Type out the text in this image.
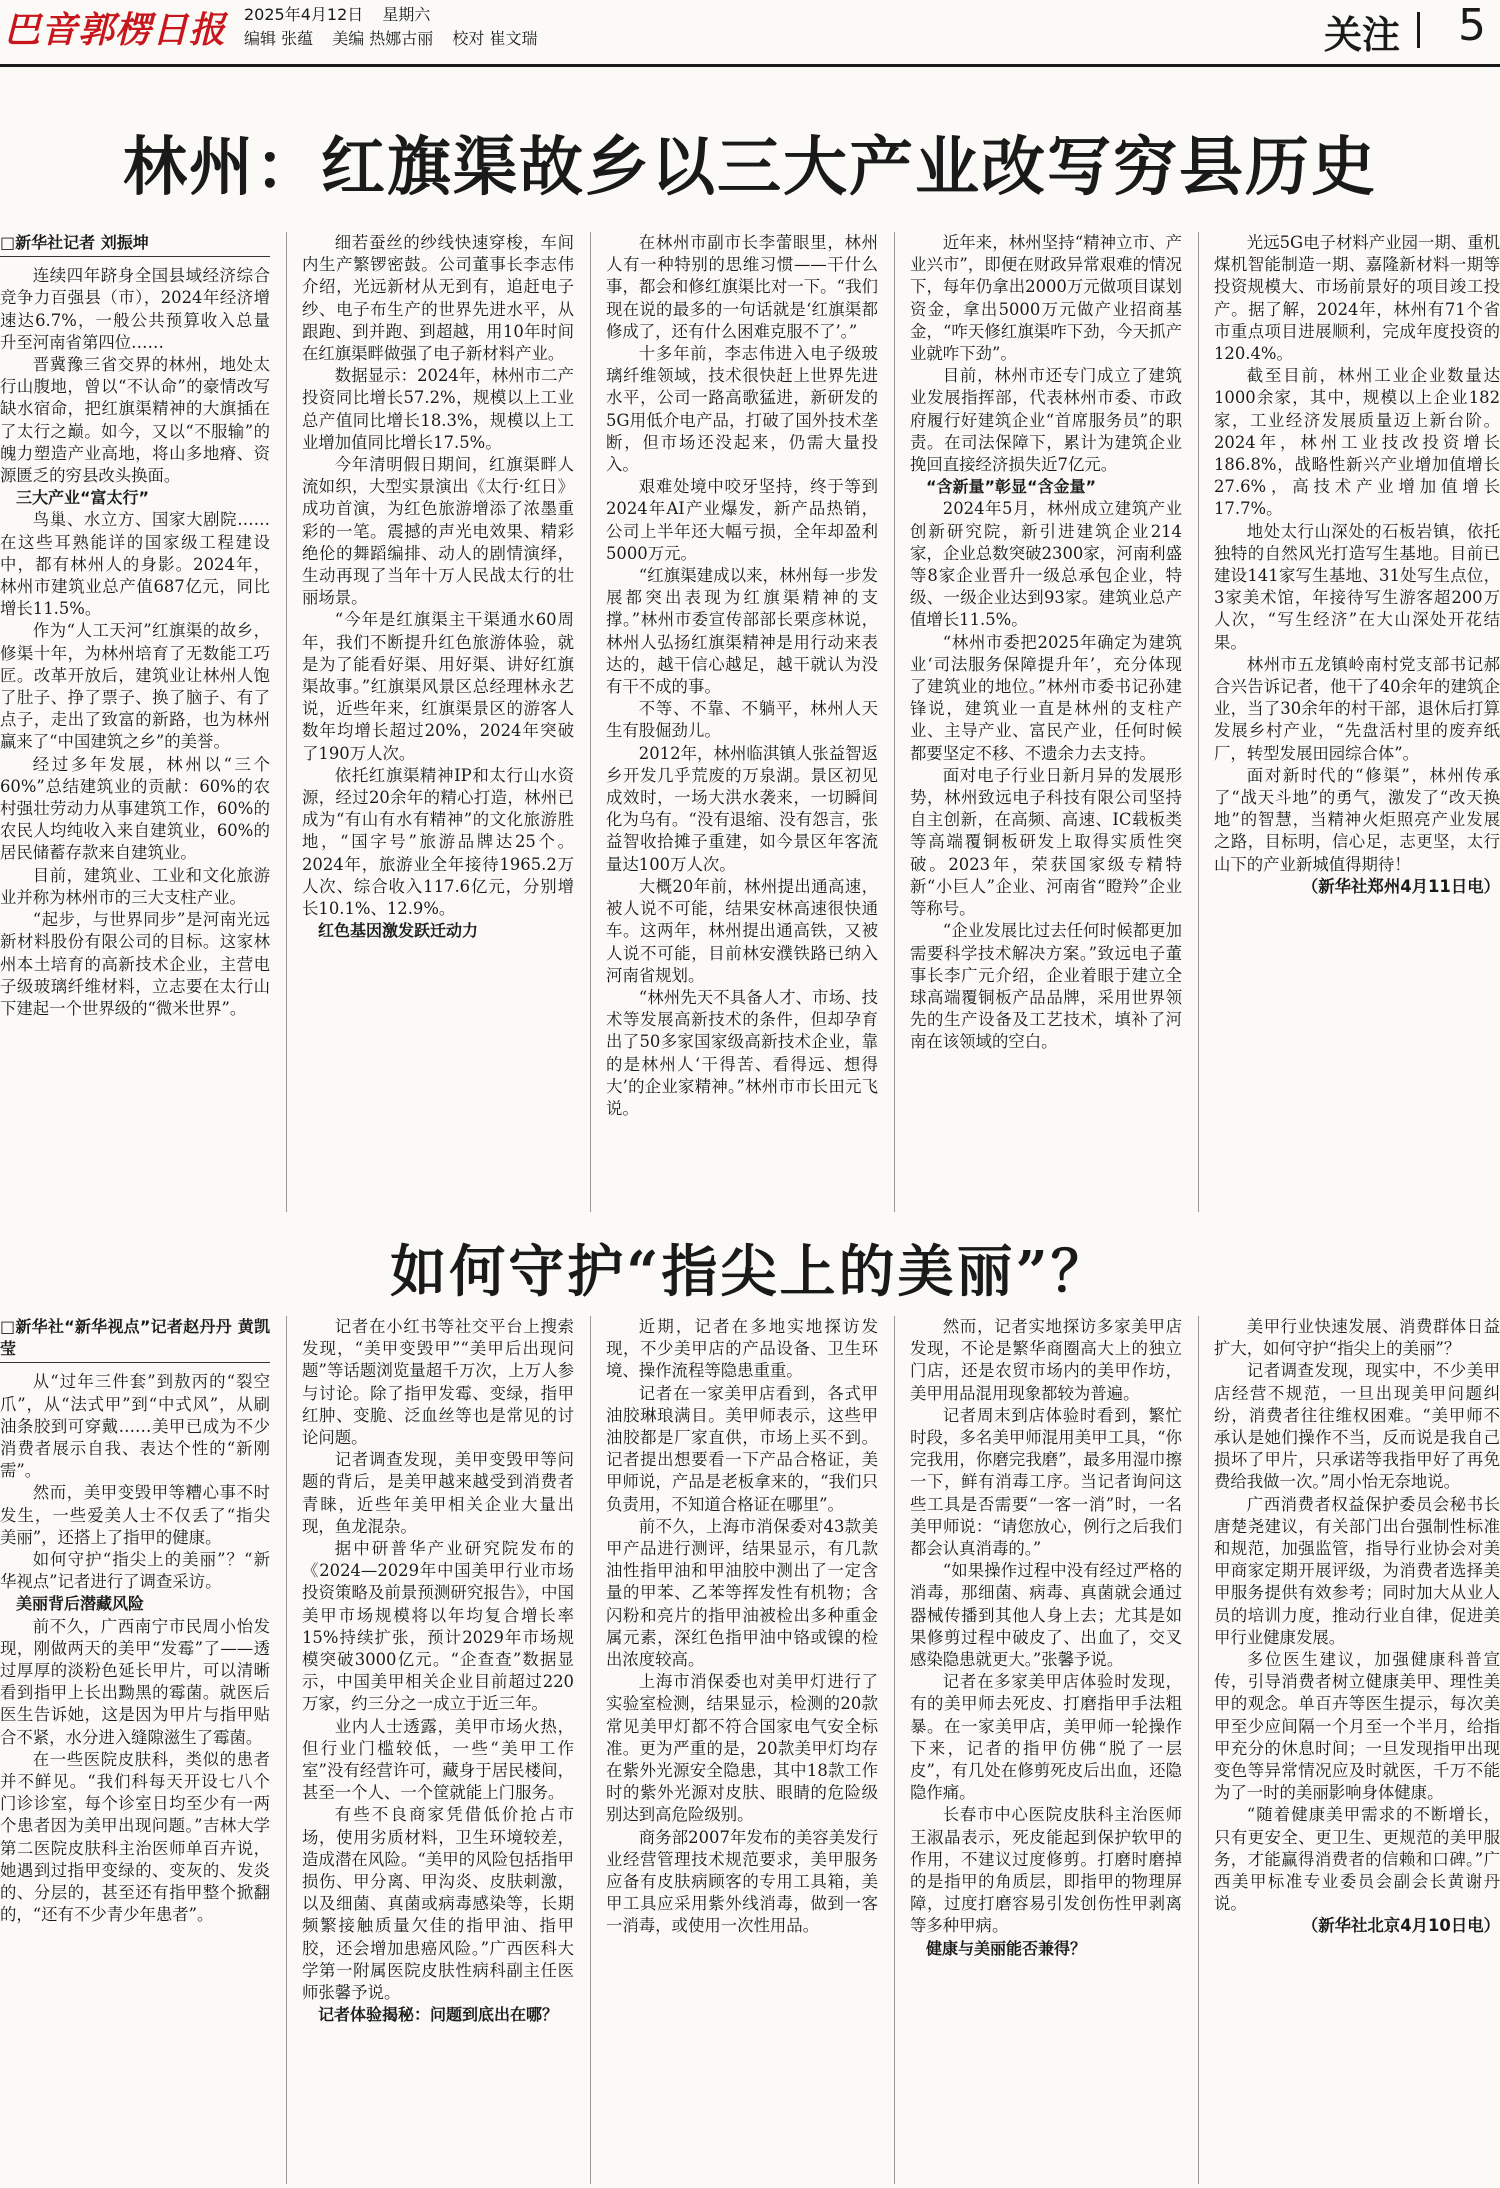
巴音郭楞日报 2025年4月12日 星期六
编辑 张蕴 美编 热娜古丽 校对 崔文瑞	关注 5
林州：红旗渠故乡以三大产业改写穷县历史

□新华社记者 刘振坤

连续四年跻身全国县域经济综合竞争力百强县（市），2024年经济增速达6.7%，一般公共预算收入总量升至河南省第四位……

晋冀豫三省交界的林州，地处太行山腹地，曾以“不认命”的豪情改写缺水宿命，把红旗渠精神的大旗插在了太行之巅。如今，又以“不服输”的魄力塑造产业高地，将山多地瘠、资源匮乏的穷县改头换面。

三大产业“富太行”

鸟巢、水立方、国家大剧院……在这些耳熟能详的国家级工程建设中，都有林州人的身影。2024年，林州市建筑业总产值687亿元，同比增长11.5%。

作为“人工天河”红旗渠的故乡，修渠十年，为林州培育了无数能工巧匠。改革开放后，建筑业让林州人饱了肚子、挣了票子、换了脑子、有了点子，走出了致富的新路，也为林州赢来了“中国建筑之乡”的美誉。

经过多年发展，林州以“三个60%”总结建筑业的贡献：60%的农村强壮劳动力从事建筑工作，60%的农民人均纯收入来自建筑业，60%的居民储蓄存款来自建筑业。

目前，建筑业、工业和文化旅游业并称为林州市的三大支柱产业。

“起步，与世界同步”是河南光远新材料股份有限公司的目标。这家林州本土培育的高新技术企业，主营电子级玻璃纤维材料，立志要在太行山下建起一个世界级的“微米世界”。

细若蚕丝的纱线快速穿梭，车间内生产繁锣密鼓。公司董事长李志伟介绍，光远新材从无到有，追赶电子纱、电子布生产的世界先进水平，从跟跑、到并跑、到超越，用10年时间在红旗渠畔做强了电子新材料产业。

数据显示：2024年，林州市二产投资同比增长57.2%，规模以上工业总产值同比增长18.3%，规模以上工业增加值同比增长17.5%。

今年清明假日期间，红旗渠畔人流如织，大型实景演出《太行·红日》成功首演，为红色旅游增添了浓墨重彩的一笔。震撼的声光电效果、精彩绝伦的舞蹈编排、动人的剧情演绎，生动再现了当年十万人民战太行的壮丽场景。

“今年是红旗渠主干渠通水60周年，我们不断提升红色旅游体验，就是为了能看好渠、用好渠、讲好红旗渠故事。”红旗渠风景区总经理林永艺说，近些年来，红旗渠景区的游客人数年均增长超过20%，2024年突破了190万人次。

依托红旗渠精神IP和太行山水资源，经过20余年的精心打造，林州已成为“有山有水有精神”的文化旅游胜地，“国字号”旅游品牌达25个。2024年，旅游业全年接待1965.2万人次、综合收入117.6亿元，分别增长10.1%、12.9%。

红色基因激发跃迁动力

在林州市副市长李蕾眼里，林州人有一种特别的思维习惯——干什么事，都会和修红旗渠比对一下。“我们现在说的最多的一句话就是‘红旗渠都修成了，还有什么困难克服不了’。”

十多年前，李志伟进入电子级玻璃纤维领域，技术很快赶上世界先进水平，公司一路高歌猛进，新研发的5G用低介电产品，打破了国外技术垄断，但市场还没起来，仍需大量投入。

艰难处境中咬牙坚持，终于等到2024年AI产业爆发，新产品热销，公司上半年还大幅亏损，全年却盈利5000万元。

“红旗渠建成以来，林州每一步发展都突出表现为红旗渠精神的支撑。”林州市委宣传部部长栗彦林说，林州人弘扬红旗渠精神是用行动来表达的，越干信心越足，越干就认为没有干不成的事。

不等、不靠、不躺平，林州人天生有股倔劲儿。

2012年，林州临淇镇人张益智返乡开发几乎荒废的万泉湖。景区初见成效时，一场大洪水袭来，一切瞬间化为乌有。“没有退缩、没有怨言，张益智收拾摊子重建，如今景区年客流量达100万人次。

大概20年前，林州提出通高速，被人说不可能，结果安林高速很快通车。这两年，林州提出通高铁，又被人说不可能，目前林安濮铁路已纳入河南省规划。

“林州先天不具备人才、市场、技术等发展高新技术的条件，但却孕育出了50多家国家级高新技术企业，靠的是林州人‘干得苦、看得远、想得大’的企业家精神。”林州市市长田元飞说。

近年来，林州坚持“精神立市、产业兴市”，即便在财政异常艰难的情况下，每年仍拿出2000万元做项目谋划资金，拿出5000万元做产业招商基金，“咋天修红旗渠咋下劲，今天抓产业就咋下劲”。

目前，林州市还专门成立了建筑业发展指挥部，代表林州市委、市政府履行好建筑企业“首席服务员”的职责。在司法保障下，累计为建筑企业挽回直接经济损失近7亿元。

“含新量”彰显“含金量”

2024年5月，林州成立建筑产业创新研究院，新引进建筑企业214家，企业总数突破2300家，河南利盛等8家企业晋升一级总承包企业，特级、一级企业达到93家。建筑业总产值增长11.5%。

“林州市委把2025年确定为建筑业‘司法服务保障提升年’，充分体现了建筑业的地位。”林州市委书记孙建锋说，建筑业一直是林州的支柱产业、主导产业、富民产业，任何时候都要坚定不移、不遗余力去支持。

面对电子行业日新月异的发展形势，林州致远电子科技有限公司坚持自主创新，在高频、高速、IC载板类等高端覆铜板研发上取得实质性突破。2023年，荣获国家级专精特新“小巨人”企业、河南省“瞪羚”企业等称号。

“企业发展比过去任何时候都更加需要科学技术解决方案。”致远电子董事长李广元介绍，企业着眼于建立全球高端覆铜板产品品牌，采用世界领先的生产设备及工艺技术，填补了河南在该领域的空白。

光远5G电子材料产业园一期、重机煤机智能制造一期、嘉隆新材料一期等投资规模大、市场前景好的项目竣工投产。据了解，2024年，林州有71个省市重点项目进展顺利，完成年度投资的120.4%。

截至目前，林州工业企业数量达1000余家，其中，规模以上企业182家，工业经济发展质量迈上新台阶。2024年，林州工业技改投资增长186.8%，战略性新兴产业增加值增长27.6%，高技术产业增加值增长17.7%。

地处太行山深处的石板岩镇，依托独特的自然风光打造写生基地。目前已建设141家写生基地、31处写生点位，3家美术馆，年接待写生游客超200万人次，“写生经济”在大山深处开花结果。

林州市五龙镇岭南村党支部书记郝合兴告诉记者，他干了40余年的建筑企业，当了30余年的村干部，退休后打算发展乡村产业，“先盘活村里的废弃纸厂，转型发展田园综合体”。

面对新时代的“修渠”，林州传承了“战天斗地”的勇气，激发了“改天换地”的智慧，当精神火炬照亮产业发展之路，目标明，信心足，志更坚，太行山下的产业新城值得期待！

（新华社郑州4月11日电）

如何守护“指尖上的美丽”？

□新华社“新华视点”记者赵丹丹 黄凯莹

从“过年三件套”到敖丙的“裂空爪”，从“法式甲”到“中式风”，从刷油条胶到可穿戴……美甲已成为不少消费者展示自我、表达个性的“新刚需”。

然而，美甲变毁甲等糟心事不时发生，一些爱美人士不仅丢了“指尖美丽”，还搭上了指甲的健康。

如何守护“指尖上的美丽”？“新华视点”记者进行了调查采访。

美丽背后潜藏风险

前不久，广西南宁市民周小怡发现，刚做两天的美甲“发霉”了——透过厚厚的淡粉色延长甲片，可以清晰看到指甲上长出黝黑的霉菌。就医后医生告诉她，这是因为甲片与指甲贴合不紧，水分进入缝隙滋生了霉菌。

在一些医院皮肤科，类似的患者并不鲜见。“我们科每天开设七八个门诊诊室，每个诊室日均至少有一两个患者因为美甲出现问题。”吉林大学第二医院皮肤科主治医师单百卉说，她遇到过指甲变绿的、变灰的、发炎的、分层的，甚至还有指甲整个掀翻的，“还有不少青少年患者”。

记者在小红书等社交平台上搜索发现，“美甲变毁甲”“美甲后出现问题”等话题浏览量超千万次，上万人参与讨论。除了指甲发霉、变绿，指甲红肿、变脆、泛血丝等也是常见的讨论问题。

记者调查发现，美甲变毁甲等问题的背后，是美甲越来越受到消费者青睐，近些年美甲相关企业大量出现，鱼龙混杂。

据中研普华产业研究院发布的《2024—2029年中国美甲行业市场投资策略及前景预测研究报告》，中国美甲市场规模将以年均复合增长率15%持续扩张，预计2029年市场规模突破3000亿元。“企查查”数据显示，中国美甲相关企业目前超过220万家，约三分之一成立于近三年。

业内人士透露，美甲市场火热，但行业门槛较低，一些“美甲工作室”没有经营许可，藏身于居民楼间，甚至一个人、一个筐就能上门服务。

有些不良商家凭借低价抢占市场，使用劣质材料，卫生环境较差，造成潜在风险。“美甲的风险包括指甲损伤、甲分离、甲沟炎、皮肤刺激，以及细菌、真菌或病毒感染等，长期频繁接触质量欠佳的指甲油、指甲胶，还会增加患癌风险。”广西医科大学第一附属医院皮肤性病科副主任医师张馨予说。

记者体验揭秘：问题到底出在哪？

近期，记者在多地实地探访发现，不少美甲店的产品设备、卫生环境、操作流程等隐患重重。

记者在一家美甲店看到，各式甲油胶琳琅满目。美甲师表示，这些甲油胶都是厂家直供，市场上买不到。记者提出想要看一下产品合格证，美甲师说，产品是老板拿来的，“我们只负责用，不知道合格证在哪里”。

前不久，上海市消保委对43款美甲产品进行测评，结果显示，有几款油性指甲油和甲油胶中测出了一定含量的甲苯、乙苯等挥发性有机物；含闪粉和亮片的指甲油被检出多种重金属元素，深红色指甲油中铬或镍的检出浓度较高。

上海市消保委也对美甲灯进行了实验室检测，结果显示，检测的20款常见美甲灯都不符合国家电气安全标准。更为严重的是，20款美甲灯均存在紫外光源安全隐患，其中18款工作时的紫外光源对皮肤、眼睛的危险级别达到高危险级别。

商务部2007年发布的美容美发行业经营管理技术规范要求，美甲服务应备有皮肤病顾客的专用工具箱，美甲工具应采用紫外线消毒，做到一客一消毒，或使用一次性用品。

然而，记者实地探访多家美甲店发现，不论是繁华商圈高大上的独立门店，还是农贸市场内的美甲作坊，美甲用品混用现象都较为普遍。

记者周末到店体验时看到，繁忙时段，多名美甲师混用美甲工具，“你完我用，你磨完我磨”，最多用湿巾擦一下，鲜有消毒工序。当记者询问这些工具是否需要“一客一消”时，一名美甲师说：“请您放心，例行之后我们都会认真消毒的。”

“如果操作过程中没有经过严格的消毒，那细菌、病毒、真菌就会通过器械传播到其他人身上去；尤其是如果修剪过程中破皮了、出血了，交叉感染隐患就更大。”张馨予说。

记者在多家美甲店体验时发现，有的美甲师去死皮、打磨指甲手法粗暴。在一家美甲店，美甲师一轮操作下来，记者的指甲仿佛“脱了一层皮”，有几处在修剪死皮后出血，还隐隐作痛。

长春市中心医院皮肤科主治医师王淑晶表示，死皮能起到保护软甲的作用，不建议过度修剪。打磨时磨掉的是指甲的角质层，即指甲的物理屏障，过度打磨容易引发创伤性甲剥离等多种甲病。

健康与美丽能否兼得？

美甲行业快速发展、消费群体日益扩大，如何守护“指尖上的美丽”？

记者调查发现，现实中，不少美甲店经营不规范，一旦出现美甲问题纠纷，消费者往往维权困难。“美甲师不承认是她们操作不当，反而说是我自己损坏了甲片，只承诺等我指甲好了再免费给我做一次。”周小怡无奈地说。

广西消费者权益保护委员会秘书长唐楚尧建议，有关部门出台强制性标准和规范，加强监管，指导行业协会对美甲商家定期开展评级，为消费者选择美甲服务提供有效参考；同时加大从业人员的培训力度，推动行业自律，促进美甲行业健康发展。

多位医生建议，加强健康科普宣传，引导消费者树立健康美甲、理性美甲的观念。单百卉等医生提示，每次美甲至少应间隔一个月至一个半月，给指甲充分的休息时间；一旦发现指甲出现变色等异常情况应及时就医，千万不能为了一时的美丽影响身体健康。

“随着健康美甲需求的不断增长，只有更安全、更卫生、更规范的美甲服务，才能赢得消费者的信赖和口碑。”广西美甲标准专业委员会副会长黄谢丹说。

（新华社北京4月10日电）
